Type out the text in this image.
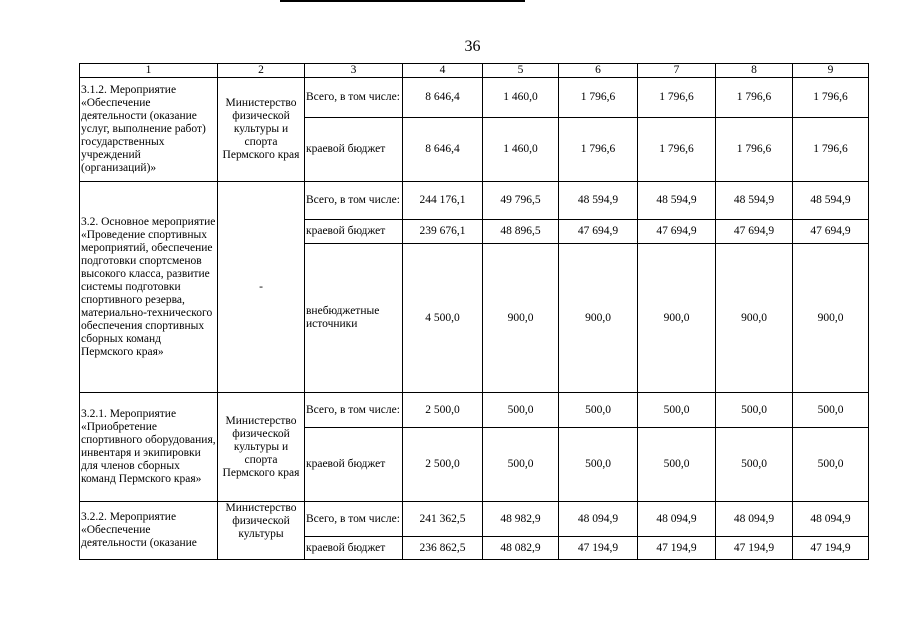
36
1	2	3	4	5	6	7	8	9
3.1.2. Мероприятие «Обеспечение деятельности (оказание услуг, выполнение работ) государственных учреждений (организаций)»	Министерство физической культуры и спорта Пермского края	Всего, в том числе:	8 646,4	1 460,0	1 796,6	1 796,6	1 796,6	1 796,6
		краевой бюджет	8 646,4	1 460,0	1 796,6	1 796,6	1 796,6	1 796,6
3.2. Основное мероприятие «Проведение спортивных мероприятий, обеспечение подготовки спортсменов высокого класса, развитие системы подготовки спортивного резерва, материально-технического обеспечения спортивных сборных команд Пермского края»	-	Всего, в том числе:	244 176,1	49 796,5	48 594,9	48 594,9	48 594,9	48 594,9
		краевой бюджет	239 676,1	48 896,5	47 694,9	47 694,9	47 694,9	47 694,9
		внебюджетные источники	4 500,0	900,0	900,0	900,0	900,0	900,0
3.2.1. Мероприятие «Приобретение спортивного оборудования, инвентаря и экипировки для членов сборных команд Пермского края»	Министерство физической культуры и спорта Пермского края	Всего, в том числе:	2 500,0	500,0	500,0	500,0	500,0	500,0
		краевой бюджет	2 500,0	500,0	500,0	500,0	500,0	500,0
3.2.2. Мероприятие «Обеспечение деятельности (оказание	Министерство физической культуры	Всего, в том числе:	241 362,5	48 982,9	48 094,9	48 094,9	48 094,9	48 094,9
		краевой бюджет	236 862,5	48 082,9	47 194,9	47 194,9	47 194,9	47 194,9
